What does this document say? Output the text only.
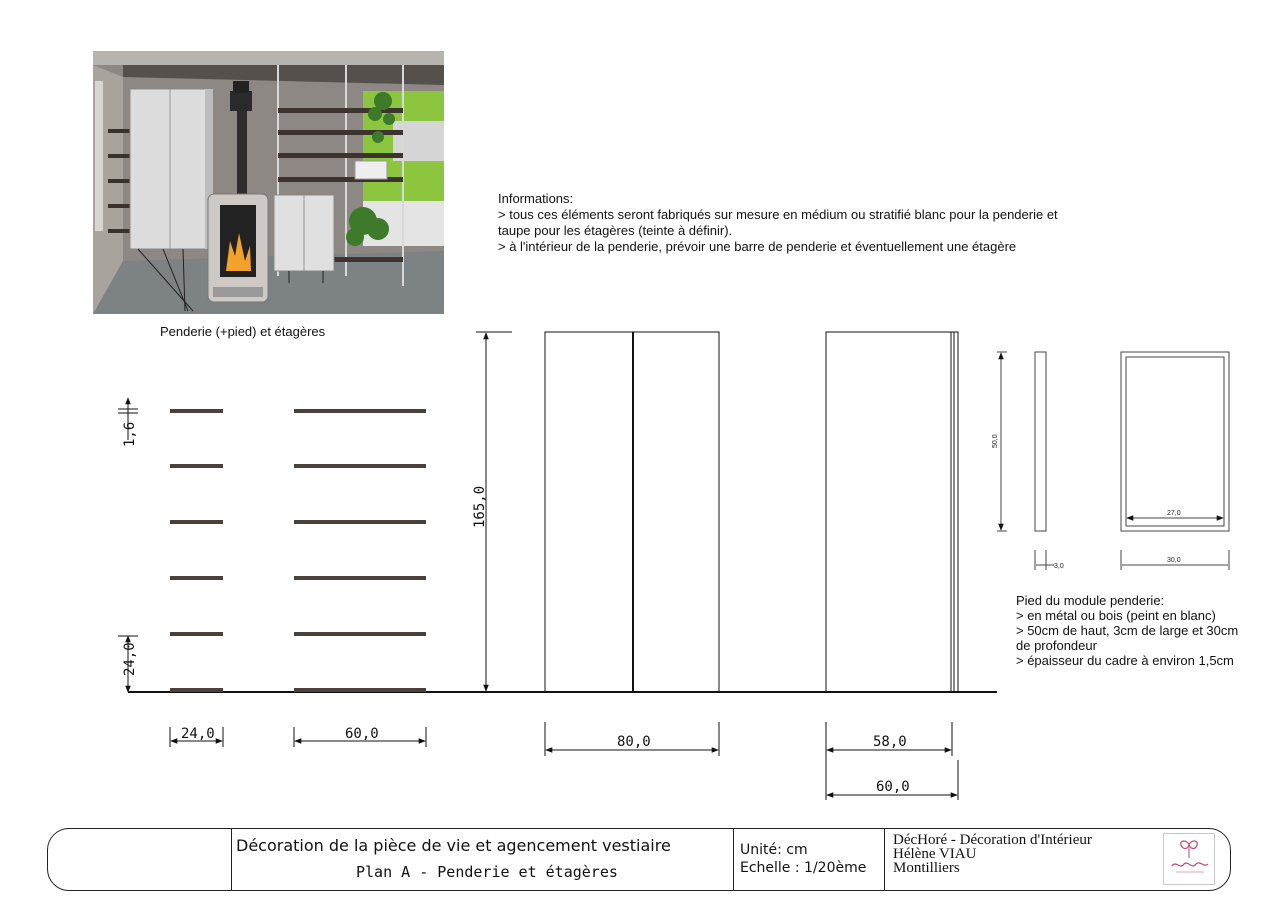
Penderie (+pied) et étagères
Informations:
> tous ces éléments seront fabriqués sur mesure en médium ou stratifié blanc pour la penderie et
taupe pour les étagères (teinte à définir).
> à l'intérieur de la penderie, prévoir une barre de penderie et éventuellement une étagère
1,6
24,0
24,0	60,0
165,0
80,0	58,0
60,0
50,0
3,0
27,0
30,0
Pied du module penderie:
> en métal ou bois (peint en blanc)
> 50cm de haut, 3cm de large et 30cm
de profondeur
> épaisseur du cadre à environ 1,5cm
Décoration de la pièce de vie et agencement vestiaire
Plan A - Penderie et étagères
Unité: cm
Echelle : 1/20ème
DécHoré - Décoration d'Intérieur
Hélène VIAU
Montilliers
